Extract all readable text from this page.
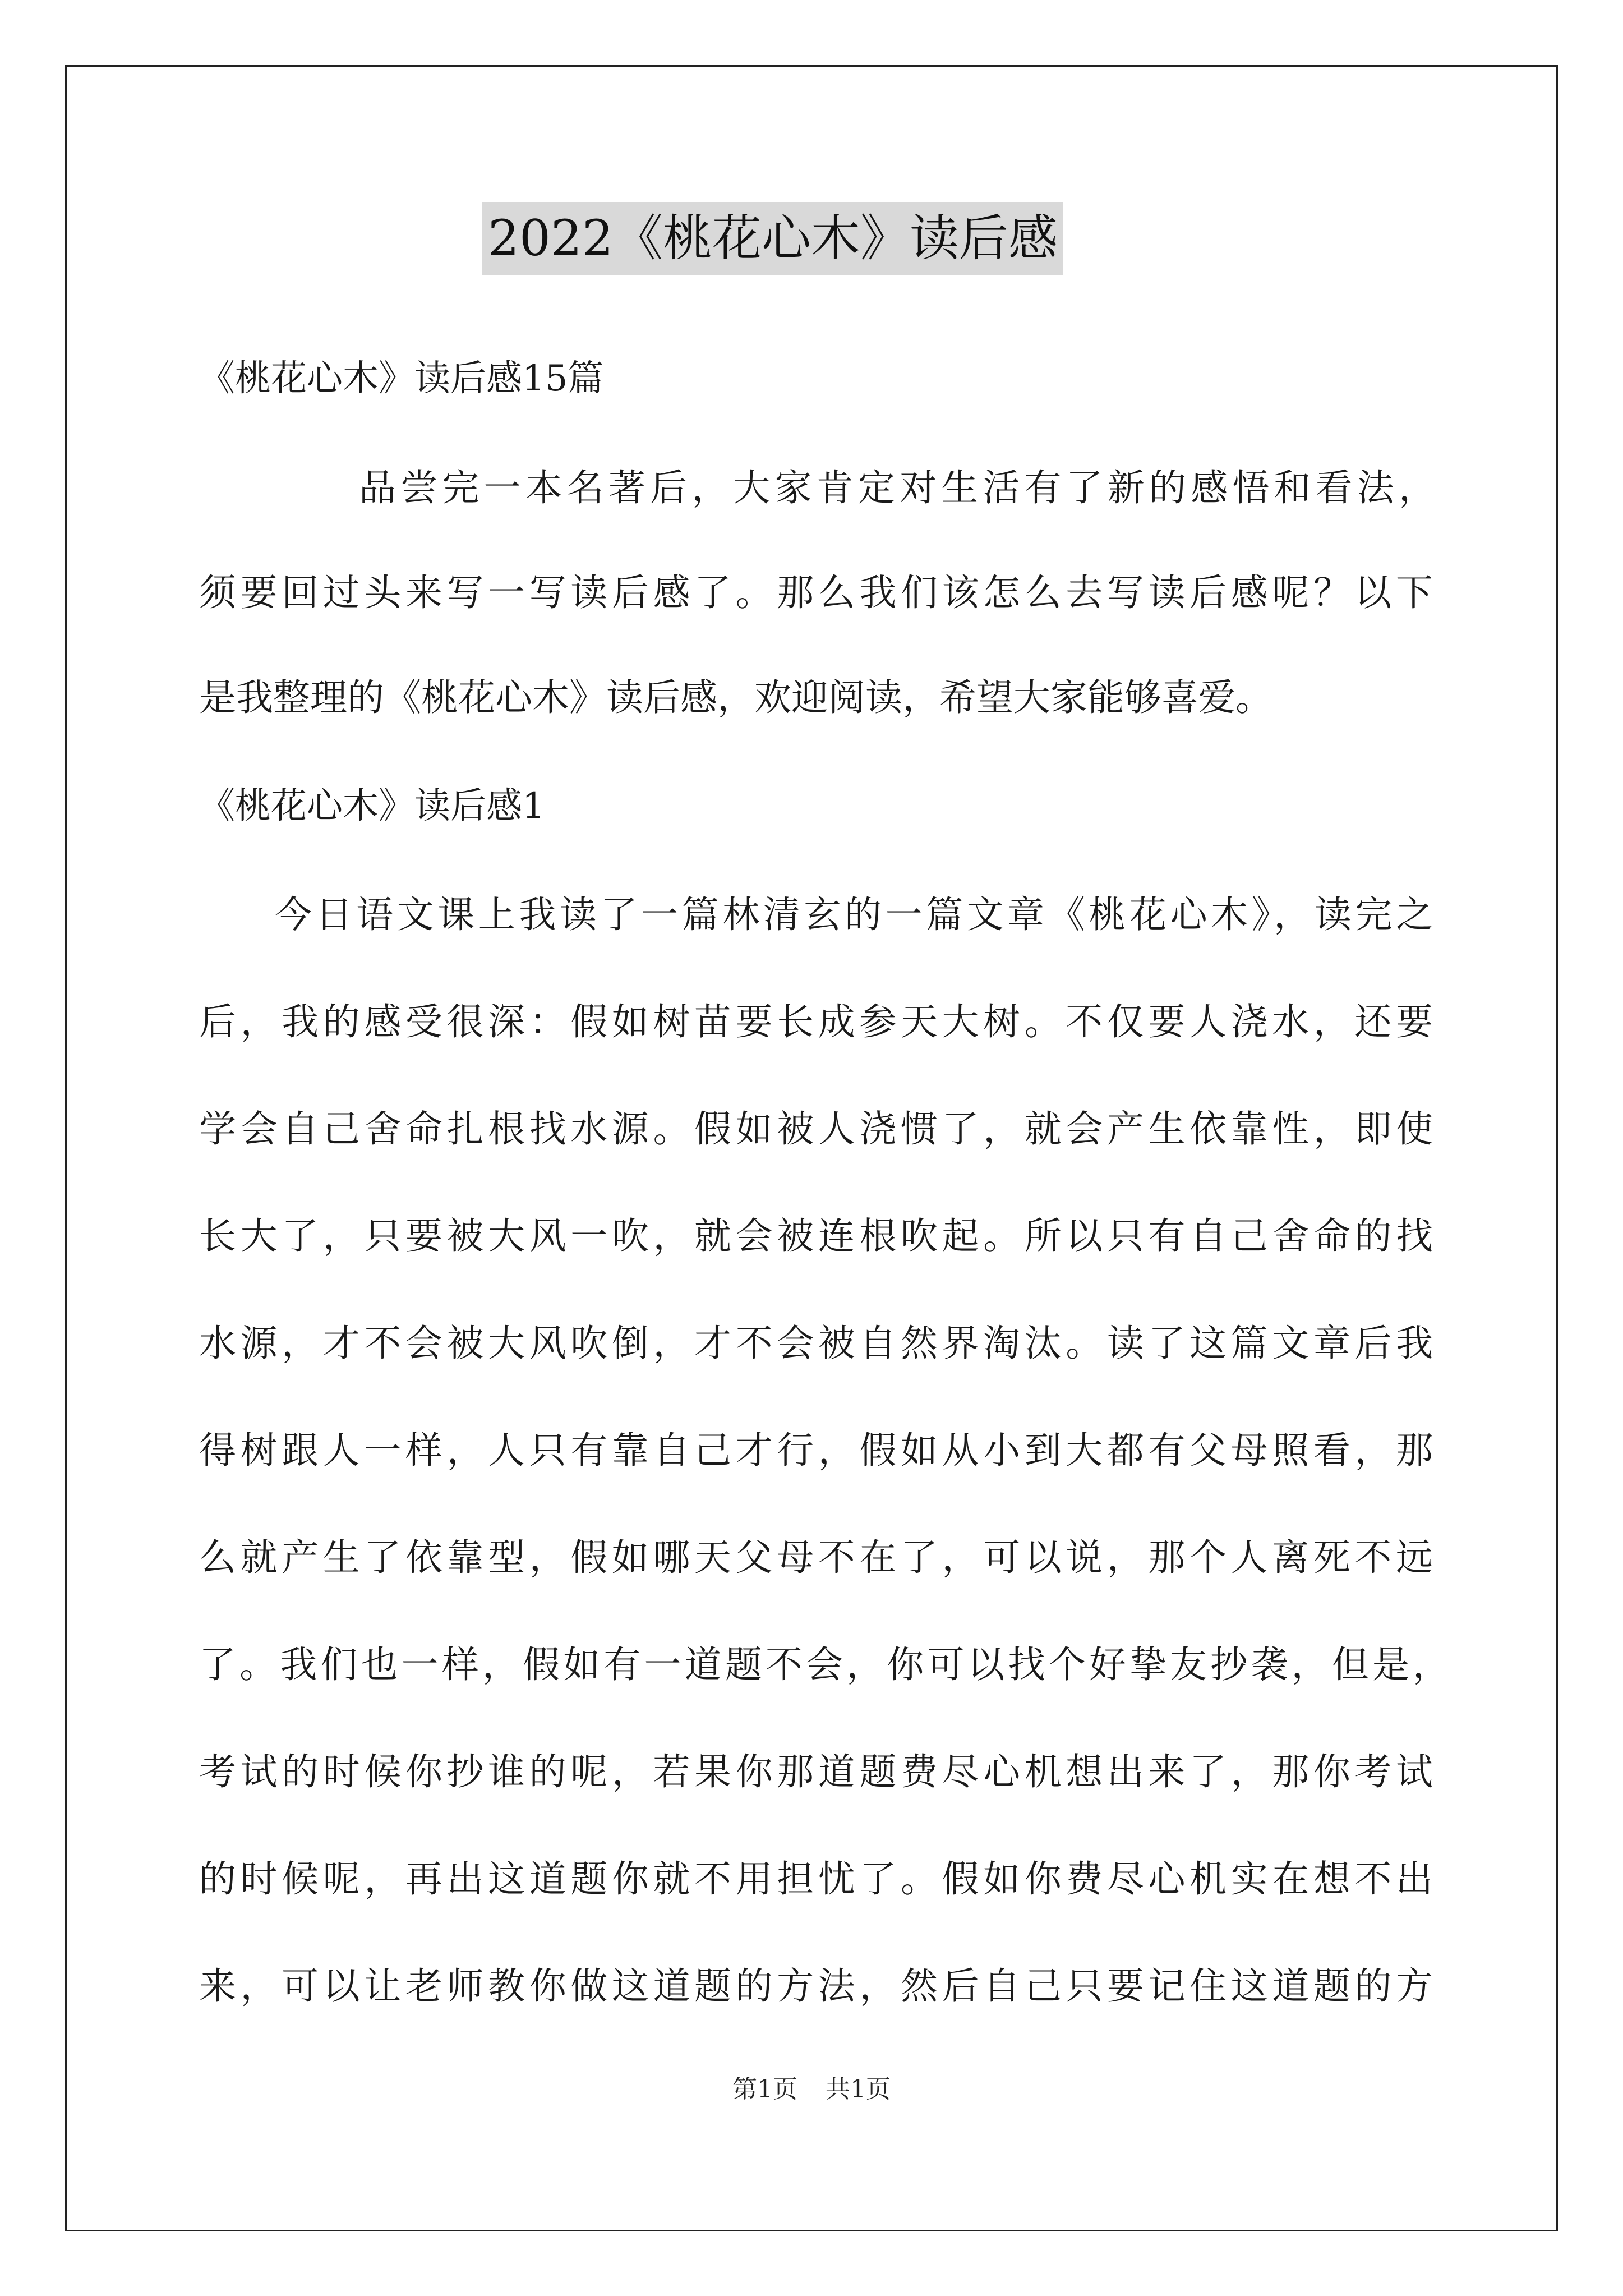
2022《桃花心木》读后感
《桃花心木》读后感15篇
品尝完一本名著后，大家肯定对生活有了新的感悟和看法，
须要回过头来写一写读后感了。那么我们该怎么去写读后感呢？以下
是我整理的《桃花心木》读后感，欢迎阅读，希望大家能够喜爱。
《桃花心木》读后感1
今日语文课上我读了一篇林清玄的一篇文章《桃花心木》，读完之
后，我的感受很深：假如树苗要长成参天大树。不仅要人浇水，还要
学会自己舍命扎根找水源。假如被人浇惯了，就会产生依靠性，即使
长大了，只要被大风一吹，就会被连根吹起。所以只有自己舍命的找
水源，才不会被大风吹倒，才不会被自然界淘汰。读了这篇文章后我
得树跟人一样，人只有靠自己才行，假如从小到大都有父母照看，那
么就产生了依靠型，假如哪天父母不在了，可以说，那个人离死不远
了。我们也一样，假如有一道题不会，你可以找个好挚友抄袭，但是，
考试的时候你抄谁的呢，若果你那道题费尽心机想出来了，那你考试
的时候呢，再出这道题你就不用担忧了。假如你费尽心机实在想不出
来，可以让老师教你做这道题的方法，然后自己只要记住这道题的方
第1页 共1页
